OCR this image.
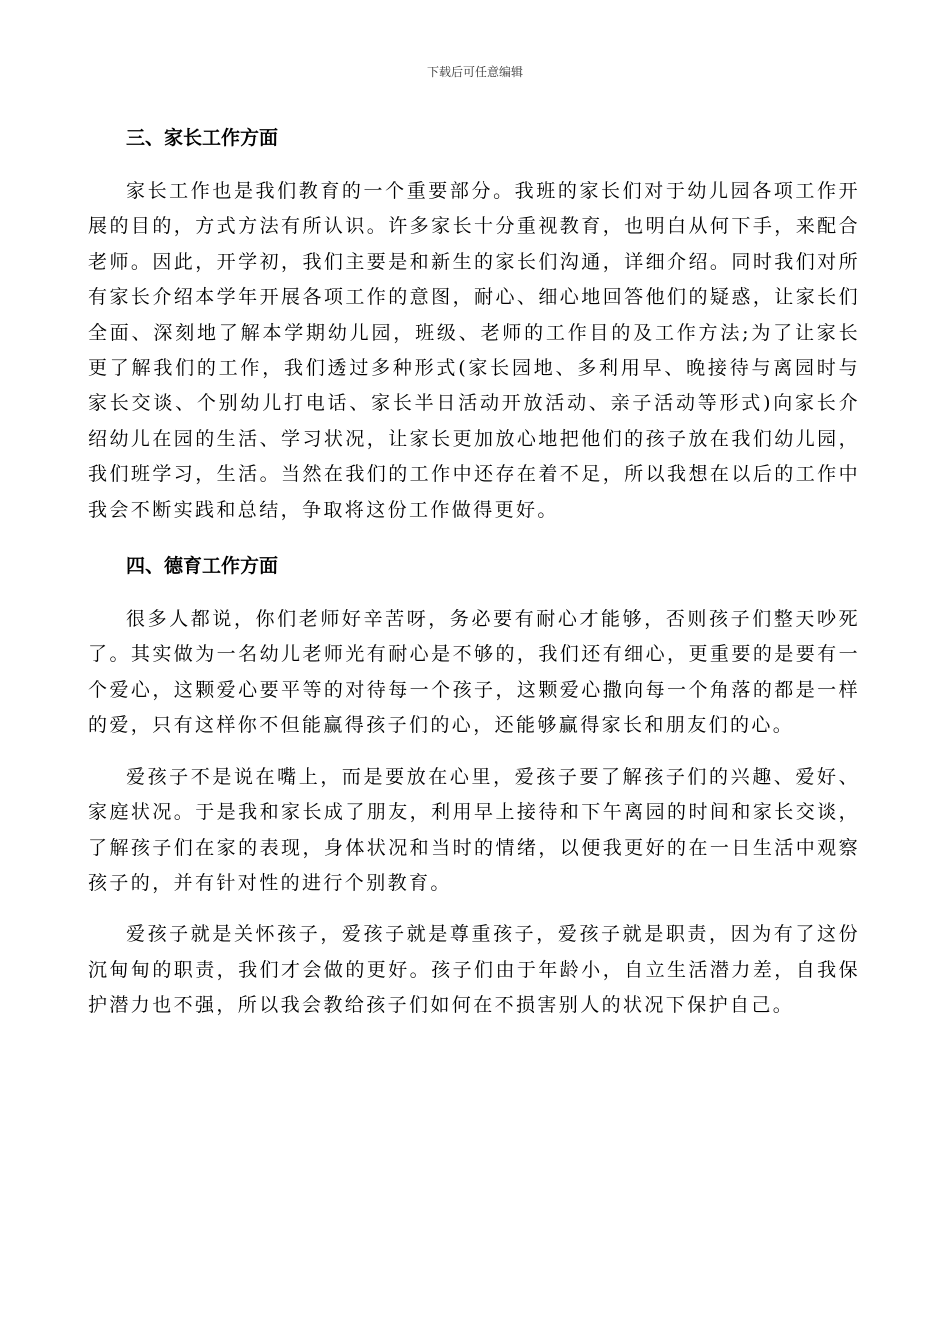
下载后可任意编辑
三、家长工作方面

家长工作也是我们教育的一个重要部分。我班的家长们对于幼儿园各项工作开展的目的，方式方法有所认识。许多家长十分重视教育，也明白从何下手，来配合老师。因此，开学初，我们主要是和新生的家长们沟通，详细介绍。同时我们对所有家长介绍本学年开展各项工作的意图，耐心、细心地回答他们的疑惑，让家长们全面、深刻地了解本学期幼儿园，班级、老师的工作目的及工作方法;为了让家长更了解我们的工作，我们透过多种形式(家长园地、多利用早、晚接待与离园时与家长交谈、个别幼儿打电话、家长半日活动开放活动、亲子活动等形式)向家长介绍幼儿在园的生活、学习状况，让家长更加放心地把他们的孩子放在我们幼儿园，我们班学习，生活。当然在我们的工作中还存在着不足，所以我想在以后的工作中我会不断实践和总结，争取将这份工作做得更好。

四、德育工作方面

很多人都说，你们老师好辛苦呀，务必要有耐心才能够，否则孩子们整天吵死了。其实做为一名幼儿老师光有耐心是不够的，我们还有细心，更重要的是要有一个爱心，这颗爱心要平等的对待每一个孩子，这颗爱心撒向每一个角落的都是一样的爱，只有这样你不但能赢得孩子们的心，还能够赢得家长和朋友们的心。

爱孩子不是说在嘴上，而是要放在心里，爱孩子要了解孩子们的兴趣、爱好、家庭状况。于是我和家长成了朋友，利用早上接待和下午离园的时间和家长交谈，了解孩子们在家的表现，身体状况和当时的情绪，以便我更好的在一日生活中观察孩子的，并有针对性的进行个别教育。

爱孩子就是关怀孩子，爱孩子就是尊重孩子，爱孩子就是职责，因为有了这份沉甸甸的职责，我们才会做的更好。孩子们由于年龄小，自立生活潜力差，自我保护潜力也不强，所以我会教给孩子们如何在不损害别人的状况下保护自己。
